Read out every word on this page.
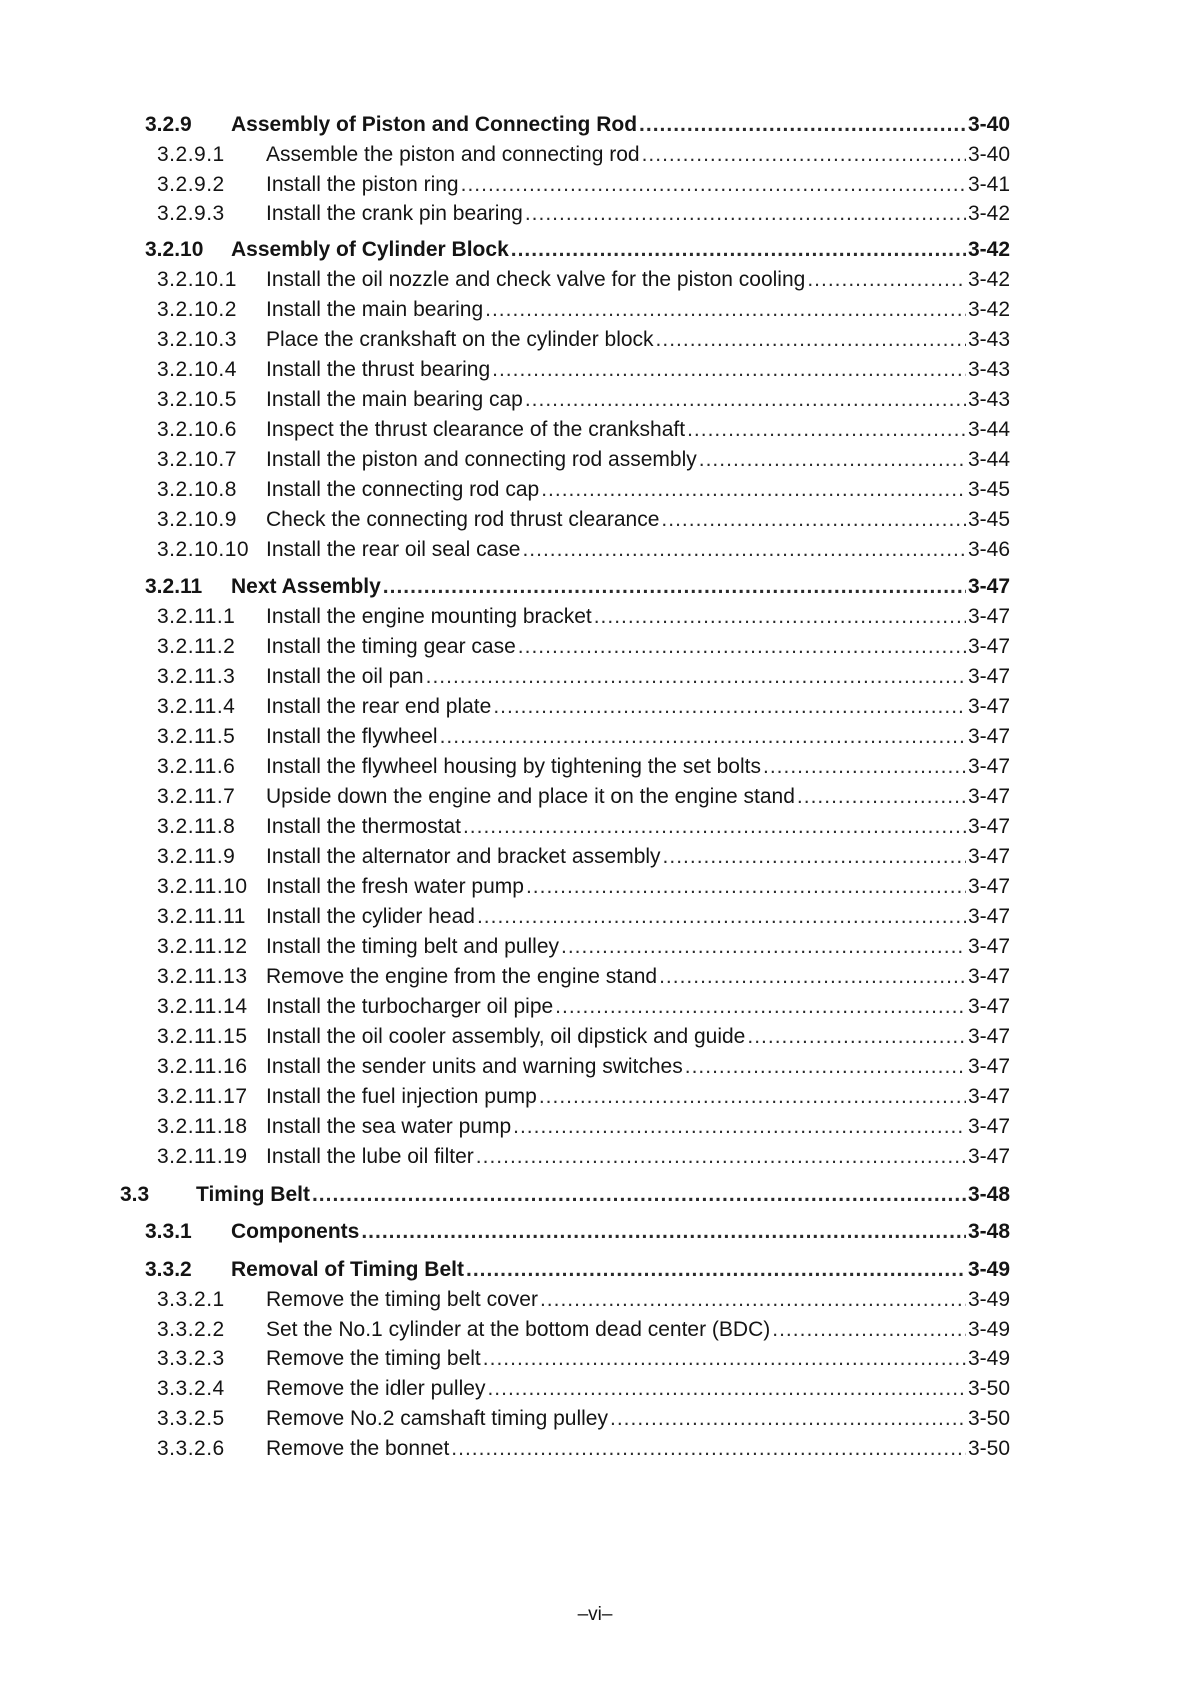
3.2.9	Assembly of Piston and Connecting Rod .....	3-40
3.2.9.1	Assemble the piston and connecting rod .....	3-40
3.2.9.2	Install the piston ring .....	3-41
3.2.9.3	Install the crank pin bearing .....	3-42
3.2.10	Assembly of Cylinder Block .....	3-42
3.2.10.1	Install the oil nozzle and check valve for the piston cooling .....	3-42
3.2.10.2	Install the main bearing .....	3-42
3.2.10.3	Place the crankshaft on the cylinder block .....	3-43
3.2.10.4	Install the thrust bearing .....	3-43
3.2.10.5	Install the main bearing cap .....	3-43
3.2.10.6	Inspect the thrust clearance of the crankshaft .....	3-44
3.2.10.7	Install the piston and connecting rod assembly .....	3-44
3.2.10.8	Install the connecting rod cap .....	3-45
3.2.10.9	Check the connecting rod thrust clearance .....	3-45
3.2.10.10 Install the rear oil seal case .....	3-46
3.2.11	Next Assembly .....	3-47
3.2.11.1	Install the engine mounting bracket .....	3-47
3.2.11.2	Install the timing gear case .....	3-47
3.2.11.3	Install the oil pan .....	3-47
3.2.11.4	Install the rear end plate .....	3-47
3.2.11.5	Install the flywheel .....	3-47
3.2.11.6	Install the flywheel housing by tightening the set bolts .....	3-47
3.2.11.7	Upside down the engine and place it on the engine stand .....	3-47
3.2.11.8	Install the thermostat .....	3-47
3.2.11.9	Install the alternator and bracket assembly .....	3-47
3.2.11.10 Install the fresh water pump .....	3-47
3.2.11.11 Install the cylider head .....	3-47
3.2.11.12 Install the timing belt and pulley .....	3-47
3.2.11.13 Remove the engine from the engine stand .....	3-47
3.2.11.14 Install the turbocharger oil pipe .....	3-47
3.2.11.15 Install the oil cooler assembly, oil dipstick and guide .....	3-47
3.2.11.16 Install the sender units and warning switches .....	3-47
3.2.11.17 Install the fuel injection pump .....	3-47
3.2.11.18 Install the sea water pump .....	3-47
3.2.11.19 Install the lube oil filter .....	3-47
3.3	Timing Belt .....	3-48
3.3.1	Components .....	3-48
3.3.2	Removal of Timing Belt .....	3-49
3.3.2.1	Remove the timing belt cover .....	3-49
3.3.2.2	Set the No.1 cylinder at the bottom dead center (BDC) .....	3-49
3.3.2.3	Remove the timing belt .....	3-49
3.3.2.4	Remove the idler pulley .....	3-50
3.3.2.5	Remove No.2 camshaft timing pulley .....	3-50
3.3.2.6	Remove the bonnet .....	3-50
–vi–
